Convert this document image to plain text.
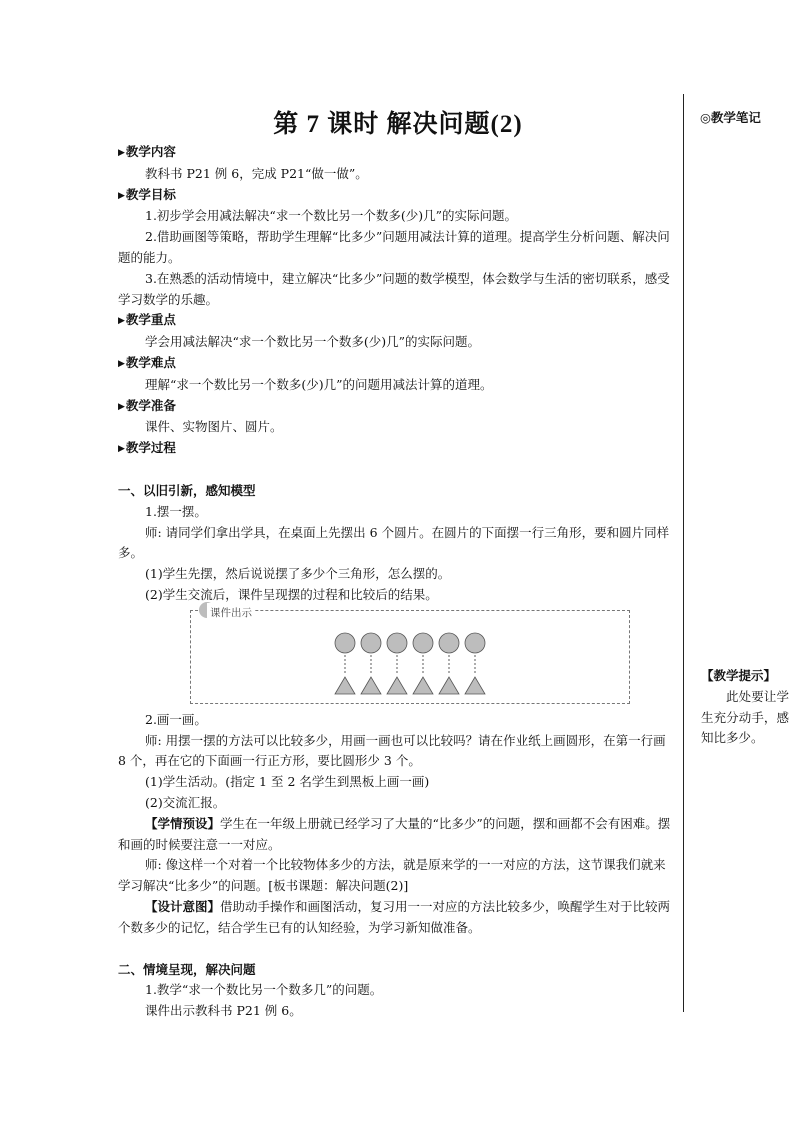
第 7 课时 解决问题(2)	◎教学笔记
▶教学内容
教科书 P21 例 6，完成 P21“做一做”。
▶教学目标
1.初步学会用减法解决“求一个数比另一个数多(少)几”的实际问题。
2.借助画图等策略，帮助学生理解“比多少”问题用减法计算的道理。提高学生分析问题、解决问题的能力。
3.在熟悉的活动情境中，建立解决“比多少”问题的数学模型，体会数学与生活的密切联系，感受学习数学的乐趣。
▶教学重点
学会用减法解决“求一个数比另一个数多(少)几”的实际问题。
▶教学难点
理解“求一个数比另一个数多(少)几”的问题用减法计算的道理。
▶教学准备
课件、实物图片、圆片。
▶教学过程
一、以旧引新，感知模型
1.摆一摆。
师: 请同学们拿出学具，在桌面上先摆出 6 个圆片。在圆片的下面摆一行三角形，要和圆片同样多。
(1)学生先摆，然后说说摆了多少个三角形，怎么摆的。
(2)学生交流后，课件呈现摆的过程和比较后的结果。
课件出示
2.画一画。
师: 用摆一摆的方法可以比较多少，用画一画也可以比较吗？请在作业纸上画圆形，在第一行画 8 个，再在它的下面画一行正方形，要比圆形少 3 个。
(1)学生活动。(指定 1 至 2 名学生到黑板上画一画)
(2)交流汇报。
【学情预设】学生在一年级上册就已经学习了大量的“比多少”的问题，摆和画都不会有困难。摆和画的时候要注意一一对应。
师: 像这样一个对着一个比较物体多少的方法，就是原来学的一一对应的方法，这节课我们就来学习解决“比多少”的问题。[板书课题：解决问题(2)]
【设计意图】借助动手操作和画图活动，复习用一一对应的方法比较多少，唤醒学生对于比较两个数多少的记忆，结合学生已有的认知经验，为学习新知做准备。
二、情境呈现，解决问题
1.教学“求一个数比另一个数多几”的问题。
课件出示教科书 P21 例 6。
【教学提示】
此处要让学生充分动手，感知比多少。
